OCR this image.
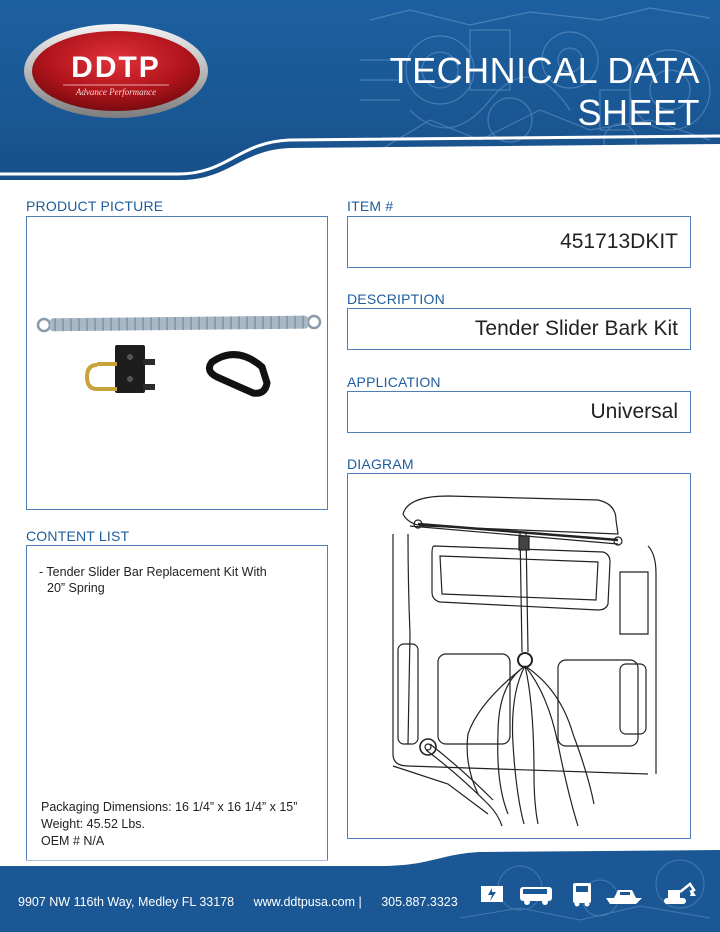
DDTP
Advance Performance
TECHNICAL DATA SHEET
PRODUCT PICTURE
CONTENT LIST
- Tender Slider Bar Replacement Kit With
20” Spring
Packaging Dimensions: 16 1/4” x 16 1/4” x 15”
Weight: 45.52 Lbs.
OEM # N/A
ITEM #
451713DKIT
DESCRIPTION
Tender Slider Bark Kit
APPLICATION
Universal
DIAGRAM
9907 NW 116th Way, Medley FL 33178 www.ddtpusa.com | 305.887.3323
